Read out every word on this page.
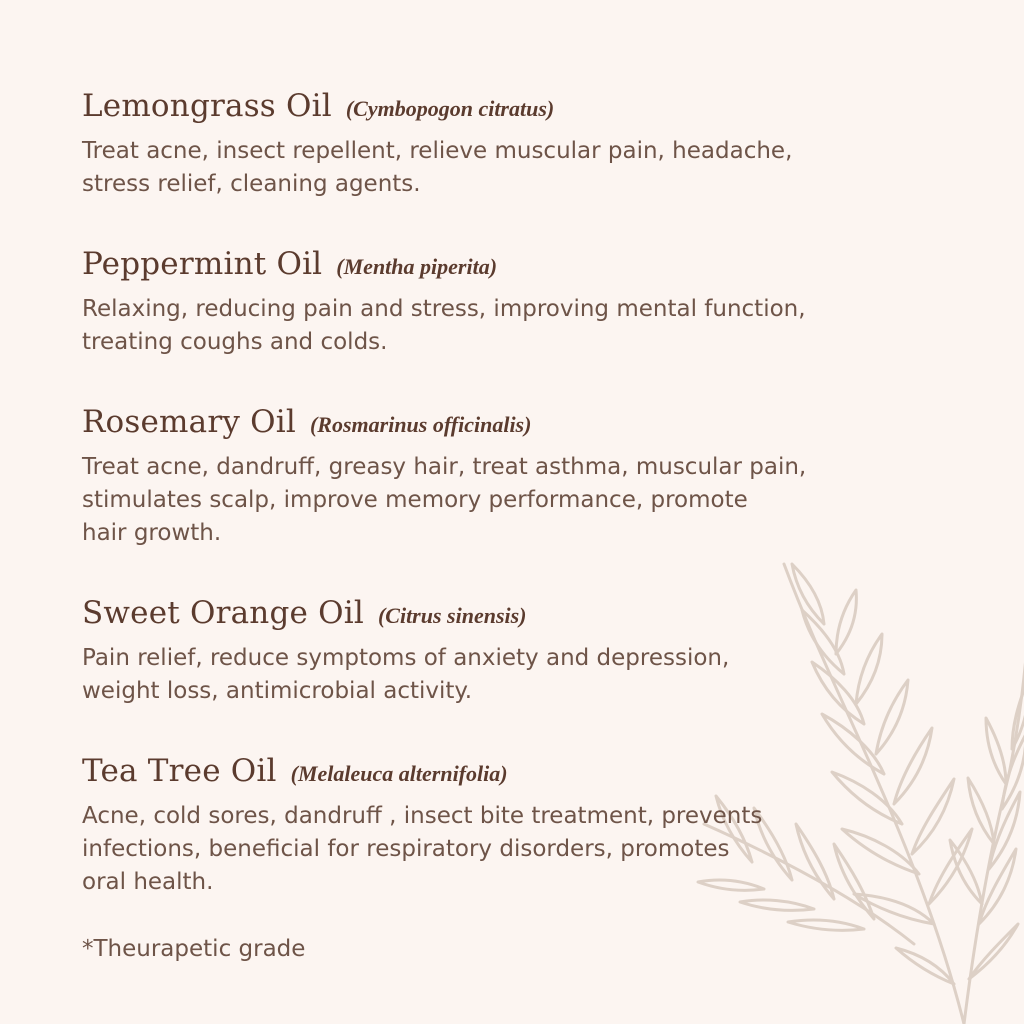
Lemongrass Oil (Cymbopogon citratus)

Treat acne, insect repellent, relieve muscular pain, headache,
stress relief, cleaning agents.

Peppermint Oil (Mentha piperita)

Relaxing, reducing pain and stress, improving mental function,
treating coughs and colds.

Rosemary Oil (Rosmarinus officinalis)

Treat acne, dandruff, greasy hair, treat asthma, muscular pain,
stimulates scalp, improve memory performance, promote
hair growth.

Sweet Orange Oil (Citrus sinensis)

Pain relief, reduce symptoms of anxiety and depression,
weight loss, antimicrobial activity.

Tea Tree Oil (Melaleuca alternifolia)

Acne, cold sores, dandruff , insect bite treatment, prevents
infections, beneficial for respiratory disorders, promotes
oral health.

*Theurapetic grade
